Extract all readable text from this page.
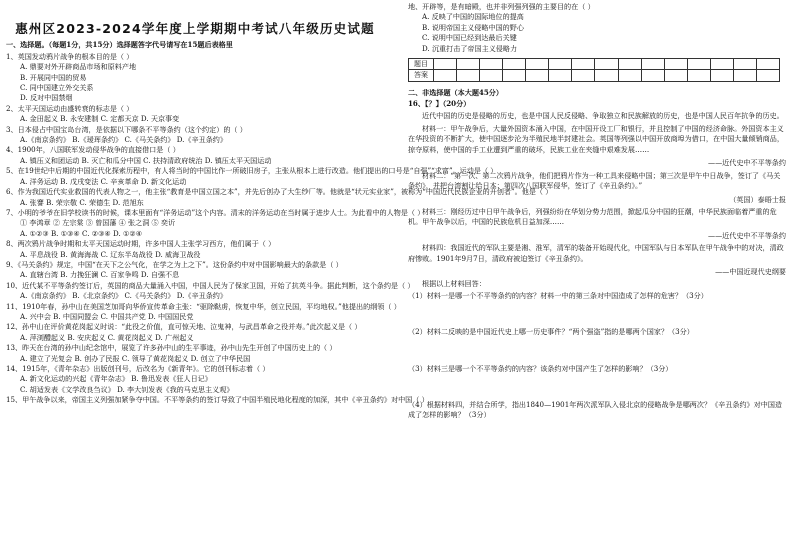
惠州区2023-2024学年度上学期期中考试八年级历史试题
一、选择题。（每题1分，共15分）选择题答字代号请写在15题后表格里
1、英国发动鸦片战争的根本目的是（ ）
A. 鼎要对外开辟商品市场和原料产地
B. 开展同中国的贸易
C. 同中国建立外交关系
D. 反对中国禁烟
2、太平天国运动由盛转衰的标志是（ ）
A. 金田起义 B. 永安建制 C. 定都天京 D. 天京事变
3、日本侵占中国宝岛台湾，是依据以下哪条不平等条约（这个约定）的（ ）
A.《南京条约》 B.《瑷珲条约》 C.《马关条约》 D.《辛丑条约》
4、1900年，八国联军发动侵华战争的直接借口是（ ）
A. 镇压义和团运动 B. 灭亡和瓜分中国 C. 扶持清政府统治 D. 镇压太平天国运动
5、在19世纪中后期的中国近代化探索历程中，有人将当时的中国比作一所破旧房子，主张从根本上进行改造。他们提出的口号是“自强”“求富”。运动是（ ）
A. 洋务运动 B. 戊戌变法 C. 辛亥革命 D. 新文化运动
6、作为我国近代实业救国的代表人物之一，他主张“教育是中国立国之本”，并先后创办了大生纱厂等。他就是“状元实业家”，被称为“中国近代民族企业的开创者”。他是（ ）
A. 张謇 B. 荣宗敬 C. 荣德生 D. 范旭东
7、小明的爷爷在旧学校读书的时候，课本里面有“洋务运动”这个内容。清末的洋务运动在当时属于进步人士。为此看中的人物是（ ）
① 李鸿章 ② 左宗棠 ③ 曾国藩 ④ 张之洞 ⑤ 奕䜣
A. ①②③ B. ①③④ C. ②③④ D. ①②④
8、两次鸦片战争时期和太平天国运动时期，许多中国人主张学习西方，他们属于（ ）
A. 平息战役 B. 黄海海战 C. 辽东半岛战役 D. 威海卫战役
9、《马关条约》规定，中国“在天下之公气化，在学之为上之下”。这份条约中对中国影响最大的条款是（ ）
A. 直辖台湾 B. 力挽狂澜 C. 百家争鸣 D. 自强不息
10、近代某不平等条约签订后，英国的商品大量涌入中国，中国人民为了保家卫国，开始了抗英斗争。据此判断，这个条约是（ ）
A.《南京条约》 B.《北京条约》 C.《马关条约》 D.《辛丑条约》
11、1910年春，孙中山在美国芝加哥向华侨宣传革命主张：“驱除鞑虏，恢复中华，创立民国，平均地权。”他提出的纲领（ ）
A. 兴中会 B. 中国同盟会 C. 中国共产党 D. 中国国民党
12、孙中山在评价黄花岗起义时说：“此役之价值，直可惊天地、泣鬼神，与武昌革命之役并寿。”此次起义是（ ）
A. 萍浏醴起义 B. 安庆起义 C. 黄花岗起义 D. 广州起义
13、昨天在台湾的孙中山纪念馆中，展览了许多孙中山的生平事迹，孙中山先生开创了中国历史上的（ ）
A. 建立了光复会 B. 创办了民报 C. 领导了黄花岗起义 D. 创立了中华民国
14、1915年，《青年杂志》出版创刊号，后改名为《新青年》。它的创刊标志着（ ）
A. 新文化运动的兴起《青年杂志》 B. 鲁迅发表《狂人日记》
C. 胡适发表《文学改良刍议》 D. 李大钊发表《我的马克思主义观》
15、甲午战争以来，帝国主义列强加紧争夺中国。不平等条约的签订导致了中国半殖民地化程度的加深，其中《辛丑条约》对中国（ ）
地、开辟等，是有暗殿，也并非列强列强的主要目的在（ ）
A. 反映了中国的国际地位的提高
B. 说明帝国主义侵略中国的野心
C. 说明中国已经到达最后关键
D. 沉重打击了帝国主义侵略力
题目															
答案															
二、非选择题（本大题45分）
16、【？】（20分）
近代中国的历史是侵略的历史，也是中国人民反侵略、争取独立和民族解放的历史，也是中国人民百年抗争的历史。
材料一：甲午战争后，大量外国资本涌入中国，在中国开设工厂和银行，并且控制了中国的经济命脉。外国资本主义在华投资的不断扩大，使中国逐步沦为半殖民地半封建社会。英国等列强以中国开放商埠为借口，在中国大量倾销商品，掠夺原料，使中国的手工业遭到严重的破坏，民族工业在夹缝中艰难发展……
——近代史中不平等条约
材料二：“第一次、第二次鸦片战争，他们把鸦片作为一种工具来侵略中国；第三次是甲午中日战争，签订了《马关条约》，并把台湾割让给日本；第四次八国联军侵华，签订了《辛丑条约》。”
（英国）泰晤士报
材料三：刚经历过中日甲午战争后，列强纷纷在华划分势力范围，掀起瓜分中国的狂潮，中华民族面临着严重的危机。甲午战争以后，中国的民族危机日益加深……
——近代史中不平等条约
材料四：我国近代的军队主要是湘、淮军，清军的装备开始现代化，中国军队与日本军队在甲午战争中的对决，清政府惨败。1901年9月7日，清政府被迫签订《辛丑条约》。
——中国近现代史纲要
根据以上材料回答：
（1）材料一是哪一个不平等条约的内容？材料一中的第三条对中国造成了怎样的危害？（3分）
（2）材料二反映的是中国近代史上哪一历史事件？“两个强盗”指的是哪两个国家？（3分）
（3）材料三是哪一个不平等条约的内容？该条约对中国产生了怎样的影响？（3分）
（4）根据材料四，并结合所学，指出1840—1901年两次派军队入侵北京的侵略战争是哪两次？《辛丑条约》对中国造成了怎样的影响？（3分）
